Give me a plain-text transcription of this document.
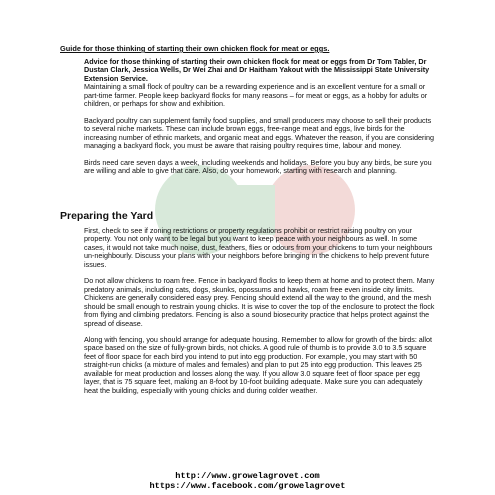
Guide for those thinking of starting their own chicken flock for meat or eggs.

Advice for those thinking of starting their own chicken flock for meat or eggs from Dr Tom Tabler, Dr Dustan Clark, Jessica Wells, Dr Wei Zhai and Dr Haitham Yakout with the Mississippi State University Extension Service.

Maintaining a small flock of poultry can be a rewarding experience and is an excellent venture for a small or part-time farmer. People keep backyard flocks for many reasons – for meat or eggs, as a hobby for adults or children, or perhaps for show and exhibition.

Backyard poultry can supplement family food supplies, and small producers may choose to sell their products to several niche markets. These can include brown eggs, free-range meat and eggs, live birds for the increasing number of ethnic markets, and organic meat and eggs. Whatever the reason, if you are considering managing a backyard flock, you must be aware that raising poultry requires time, labour and money.

Birds need care seven days a week, including weekends and holidays. Before you buy any birds, be sure you are willing and able to give that care. Also, do your homework, starting with research and planning.

Preparing the Yard

First, check to see if zoning restrictions or property regulations prohibit or restrict raising poultry on your property. You not only want to be legal but you want to keep peace with your neighbours as well. In some cases, it would not take much noise, dust, feathers, flies or odours from your chickens to turn your neighbours un-neighbourly. Discuss your plans with your neighbors before bringing in the chickens to help prevent future issues.

Do not allow chickens to roam free. Fence in backyard flocks to keep them at home and to protect them. Many predatory animals, including cats, dogs, skunks, opossums and hawks, roam free even inside city limits. Chickens are generally considered easy prey. Fencing should extend all the way to the ground, and the mesh should be small enough to restrain young chicks. It is wise to cover the top of the enclosure to protect the flock from flying and climbing predators. Fencing is also a sound biosecurity practice that helps protect against the spread of disease.

Along with fencing, you should arrange for adequate housing. Remember to allow for growth of the birds: allot space based on the size of fully-grown birds, not chicks. A good rule of thumb is to provide 3.0 to 3.5 square feet of floor space for each bird you intend to put into egg production. For example, you may start with 50 straight-run chicks (a mixture of males and females) and plan to put 25 into egg production. This leaves 25 available for meat production and losses along the way. If you allow 3.0 square feet of floor space per egg layer, that is 75 square feet, making an 8-foot by 10-foot building adequate. Make sure you can adequately heat the building, especially with young chicks and during colder weather.

http://www.growelagrovet.com
https://www.facebook.com/growelagrovet
